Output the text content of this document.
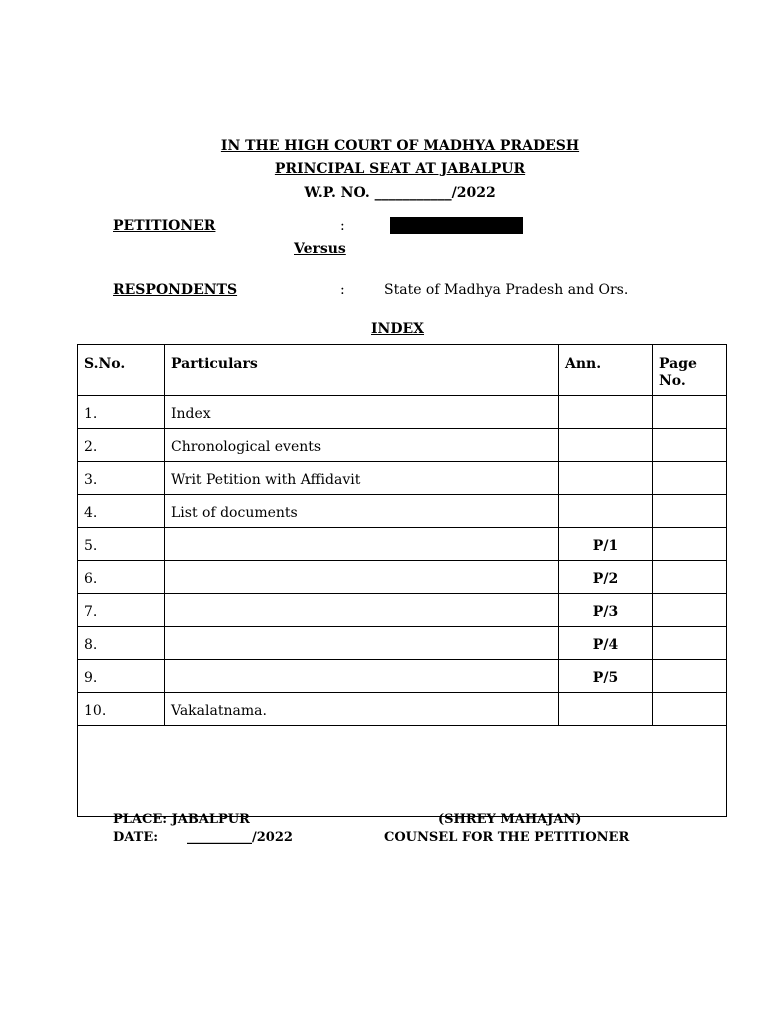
IN THE HIGH COURT OF MADHYA PRADESH
PRINCIPAL SEAT AT JABALPUR
W.P. NO. ___________/2022
PETITIONER	:
Versus
RESPONDENTS	:	State of Madhya Pradesh and Ors.
INDEX
S.No.	Particulars	Ann.	Page No.
1.	Index		
2.	Chronological events		
3.	Writ Petition with Affidavit		
4.	List of documents		
5.		P/1	
6.		P/2	
7.		P/3	
8.		P/4	
9.		P/5	
10.	Vakalatnama.		

PLACE: JABALPUR
DATE: __________/2022
(SHREY MAHAJAN)
COUNSEL FOR THE PETITIONER
